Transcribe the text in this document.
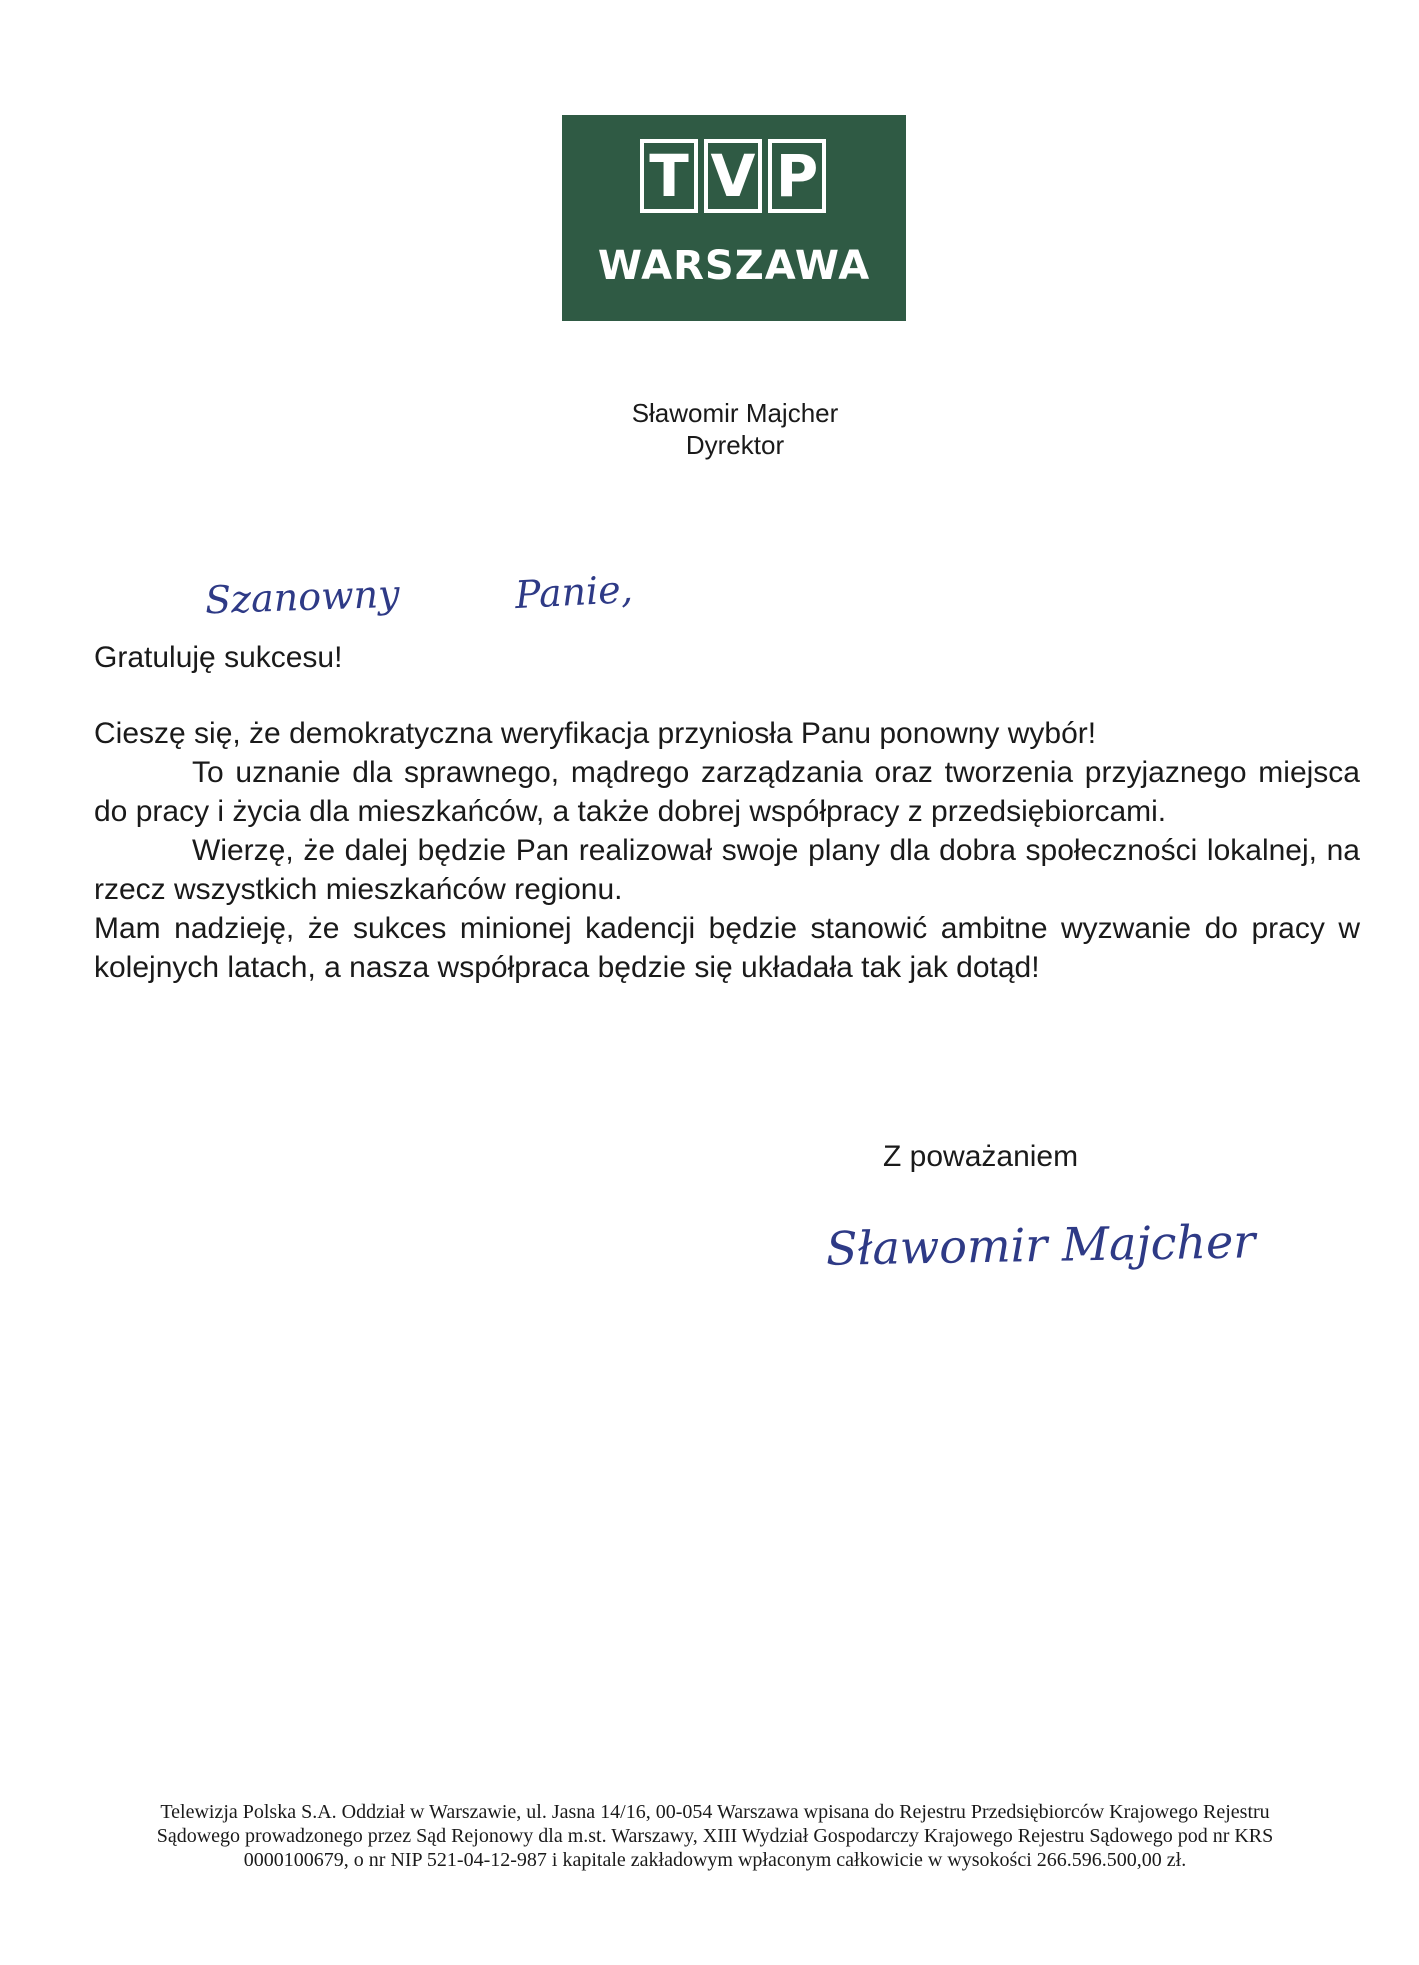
T V P
WARSZAWA
Sławomir Majcher
Dyrektor
Szanowny	Panie,

Gratuluję sukcesu!

Cieszę się, że demokratyczna weryfikacja przyniosła Panu ponowny wybór!

To uznanie dla sprawnego, mądrego zarządzania oraz tworzenia przyjaznego miejsca do pracy i życia dla mieszkańców, a także dobrej współpracy z przedsiębiorcami.

Wierzę, że dalej będzie Pan realizował swoje plany dla dobra społeczności lokalnej, na rzecz wszystkich mieszkańców regionu.

Mam nadzieję, że sukces minionej kadencji będzie stanowić ambitne wyzwanie do pracy w kolejnych latach, a nasza współpraca będzie się układała tak jak dotąd!

Z poważaniem
Sławomir Majcher
Telewizja Polska S.A. Oddział w Warszawie, ul. Jasna 14/16, 00-054 Warszawa wpisana do Rejestru Przedsiębiorców Krajowego Rejestru
Sądowego prowadzonego przez Sąd Rejonowy dla m.st. Warszawy, XIII Wydział Gospodarczy Krajowego Rejestru Sądowego pod nr KRS
0000100679, o nr NIP 521-04-12-987 i kapitale zakładowym wpłaconym całkowicie w wysokości 266.596.500,00 zł.
